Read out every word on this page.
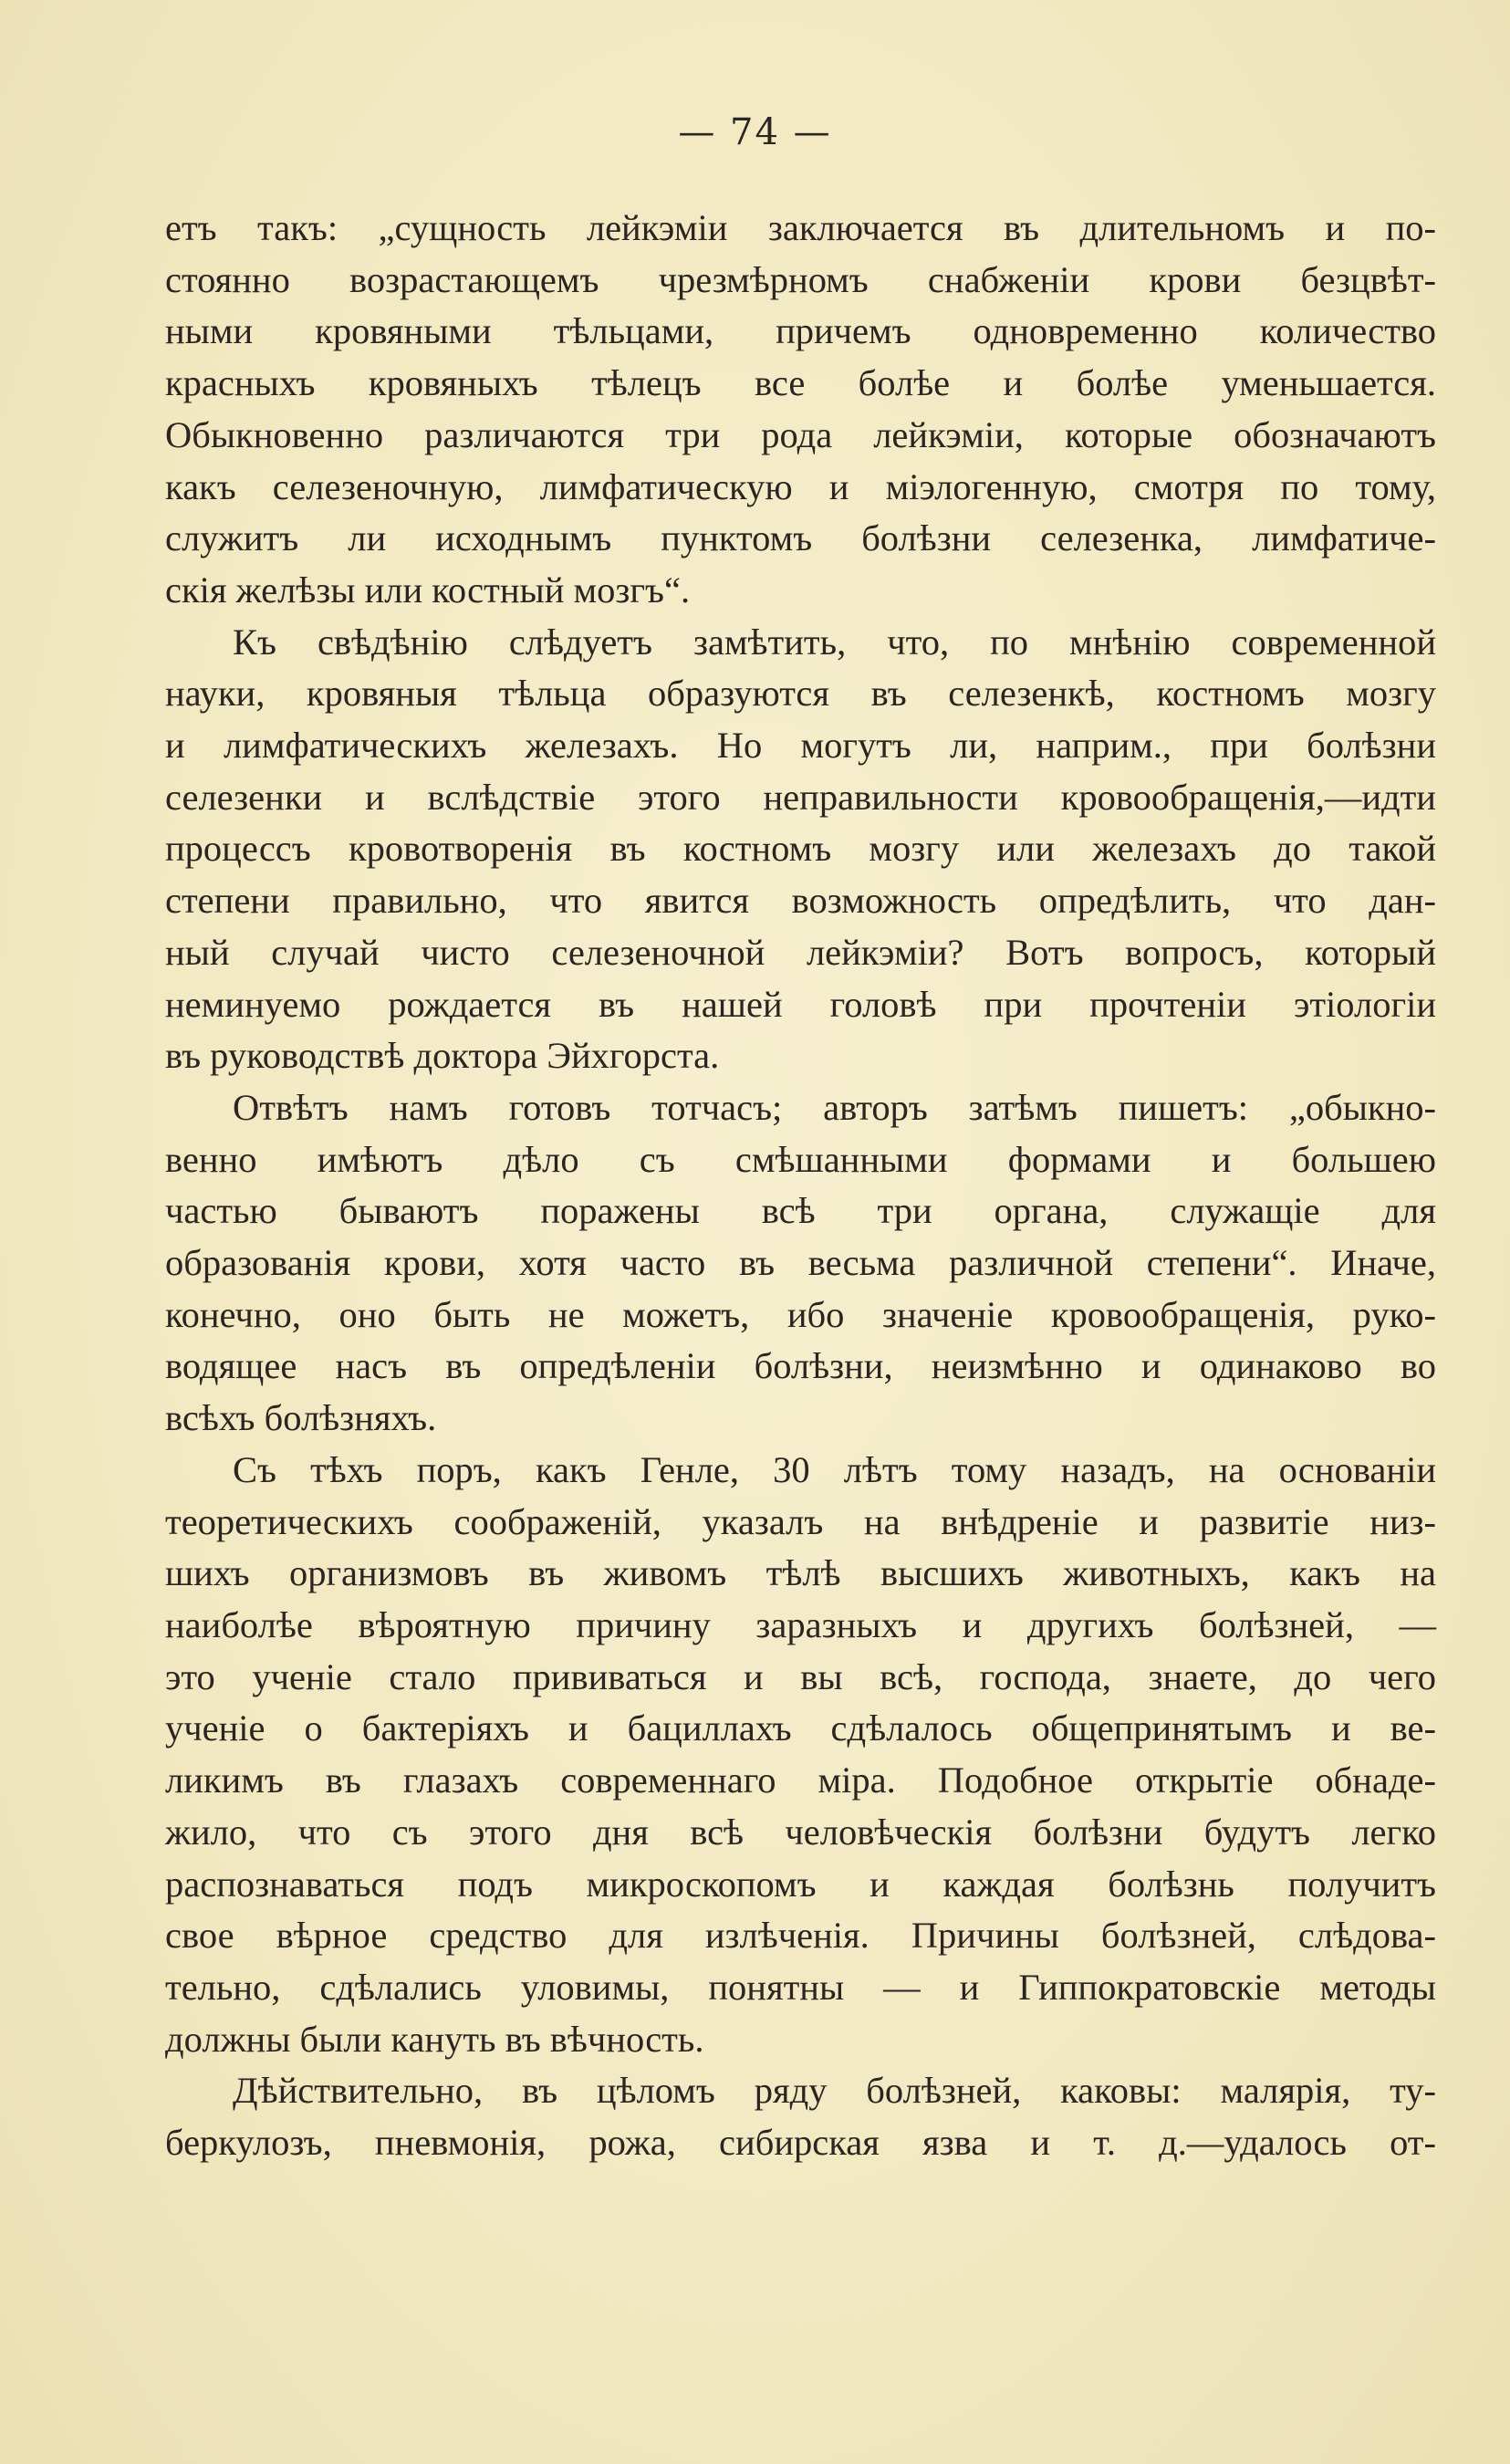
— 74 —
етъ такъ: „сущность лейкэміи заключается въ длительномъ и по-
стоянно возрастающемъ чрезмѣрномъ снабженіи крови безцвѣт-
ными кровяными тѣльцами, причемъ одновременно количество
красныхъ кровяныхъ тѣлецъ все болѣе и болѣе уменьшается.
Обыкновенно различаются три рода лейкэміи, которые обозначаютъ
какъ селезеночную, лимфатическую и міэлогенную, смотря по тому,
служитъ ли исходнымъ пунктомъ болѣзни селезенка, лимфатиче-
скія желѣзы или костный мозгъ“.
Къ свѣдѣнію слѣдуетъ замѣтить, что, по мнѣнію современной
науки, кровяныя тѣльца образуются въ селезенкѣ, костномъ мозгу
и лимфатическихъ железахъ. Но могутъ ли, наприм., при болѣзни
селезенки и вслѣдствіе этого неправильности кровообращенія,—идти
процессъ кровотворенія въ костномъ мозгу или железахъ до такой
степени правильно, что явится возможность опредѣлить, что дан-
ный случай чисто селезеночной лейкэміи? Вотъ вопросъ, который
неминуемо рождается въ нашей головѣ при прочтеніи этіологіи
въ руководствѣ доктора Эйхгорста.
Отвѣтъ намъ готовъ тотчасъ; авторъ затѣмъ пишетъ: „обыкно-
венно имѣютъ дѣло съ смѣшанными формами и большею
частью бываютъ поражены всѣ три органа, служащіе для
образованія крови, хотя часто въ весьма различной степени“. Иначе,
конечно, оно быть не можетъ, ибо значеніе кровообращенія, руко-
водящее насъ въ опредѣленіи болѣзни, неизмѣнно и одинаково во
всѣхъ болѣзняхъ.
Съ тѣхъ поръ, какъ Генле, 30 лѣтъ тому назадъ, на основаніи
теоретическихъ соображеній, указалъ на внѣдреніе и развитіе низ-
шихъ организмовъ въ живомъ тѣлѣ высшихъ животныхъ, какъ на
наиболѣе вѣроятную причину заразныхъ и другихъ болѣзней, —
это ученіе стало прививаться и вы всѣ, господа, знаете, до чего
ученіе о бактеріяхъ и бациллахъ сдѣлалось общепринятымъ и ве-
ликимъ въ глазахъ современнаго міра. Подобное открытіе обнаде-
жило, что съ этого дня всѣ человѣческія болѣзни будутъ легко
распознаваться подъ микроскопомъ и каждая болѣзнь получитъ
свое вѣрное средство для излѣченія. Причины болѣзней, слѣдова-
тельно, сдѣлались уловимы, понятны — и Гиппократовскіе методы
должны были кануть въ вѣчность.
Дѣйствительно, въ цѣломъ ряду болѣзней, каковы: малярія, ту-
беркулозъ, пневмонія, рожа, сибирская язва и т. д.—удалось от-
